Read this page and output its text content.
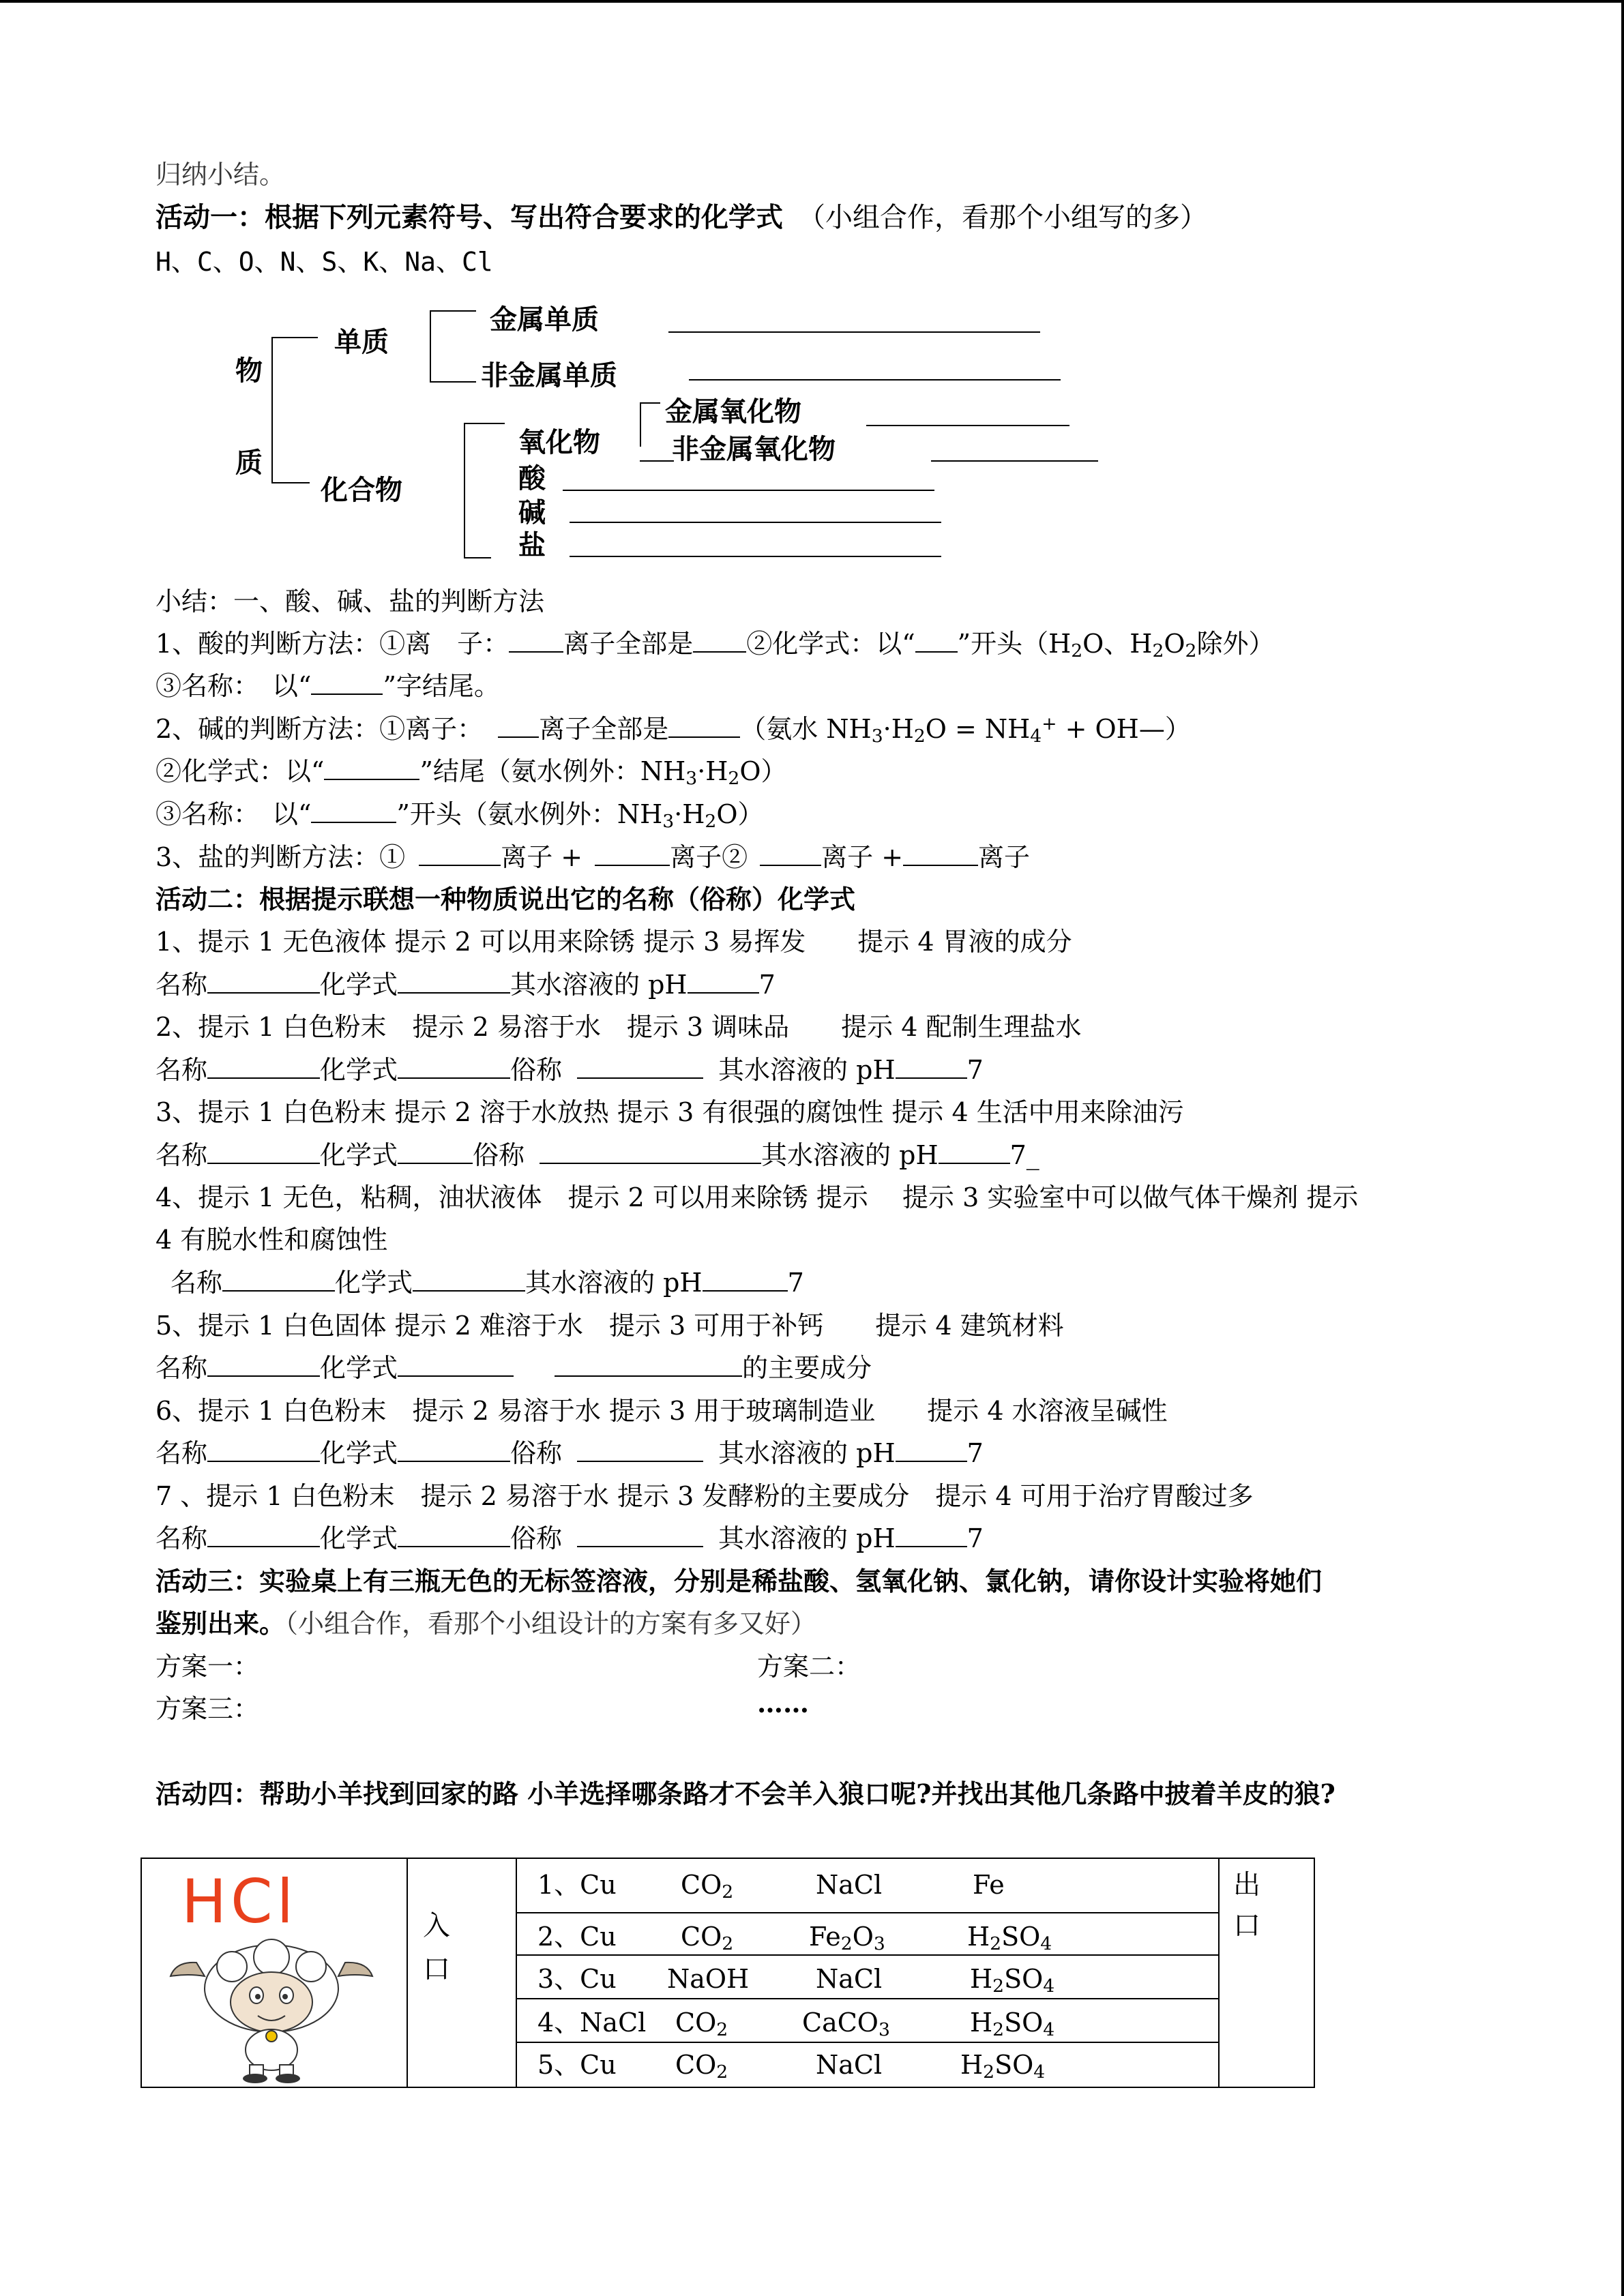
归纳小结。
活动一：根据下列元素符号、写出符合要求的化学式 （小组合作，看那个小组写的多）
H、C、O、N、S、K、Na、Cl
物
质
单质
化合物
金属单质
非金属单质
氧化物
金属氧化物
非金属氧化物
酸
碱
盐
小结：一、酸、碱、盐的判断方法
1、酸的判断方法：①离　子： 离子全部是 ②化学式：以“ ”开头（$H_2O$、$H_2O_2$除外）
③名称：　以“	”字结尾。
2、碱的判断方法：①离子： 离子全部是	（氨水 $NH_3\cdot H_2O = NH_4^+$ + OH—）
②化学式：以“	”结尾（氨水例外：$NH_3\cdot H_2O$）
③名称：　以“	”开头（氨水例外：$NH_3\cdot H_2O$）
3、盐的判断方法：①	离子 +	离子②	离子 +	离子
活动二：根据提示联想一种物质说出它的名称（俗称）化学式
1、提示 1 无色液体 提示 2 可以用来除锈 提示 3 易挥发　　提示 4 胃液的成分
名称	化学式	其水溶液的 pH	7
2、提示 1 白色粉末　提示 2 易溶于水　提示 3 调味品　　提示 4 配制生理盐水
名称	化学式	俗称	其水溶液的 pH	7
3、提示 1 白色粉末 提示 2 溶于水放热 提示 3 有很强的腐蚀性 提示 4 生活中用来除油污
名称	化学式	俗称	其水溶液的 pH	7_
4、提示 1 无色，粘稠，油状液体　提示 2 可以用来除锈 提示　 提示 3 实验室中可以做气体干燥剂 提示
4 有脱水性和腐蚀性
名称	化学式	其水溶液的 pH	7
5、提示 1 白色固体 提示 2 难溶于水　提示 3 可用于补钙　　提示 4 建筑材料
名称	化学式	的主要成分
6、提示 1 白色粉末　提示 2 易溶于水 提示 3 用于玻璃制造业　　提示 4 水溶液呈碱性
名称	化学式	俗称	其水溶液的 pH	7
7 、提示 1 白色粉末　提示 2 易溶于水 提示 3 发酵粉的主要成分　提示 4 可用于治疗胃酸过多
名称	化学式	俗称	其水溶液的 pH	7
活动三：实验桌上有三瓶无色的无标签溶液，分别是稀盐酸、氢氧化钠、氯化钠，请你设计实验将她们
鉴别出来。（小组合作，看那个小组设计的方案有多又好）
方案一：	方案二：
方案三：	……
活动四：帮助小羊找到回家的路 小羊选择哪条路才不会羊入狼口呢?并找出其他几条路中披着羊皮的狼?
HCl	入
口
出
口
1、Cu $CO_2$	NaCl	Fe
2、Cu $CO_2$	$Fe_2O_3$	$H_2SO_4$
3、Cu NaOH	NaCl	$H_2SO_4$
4、NaCl $CO_2$	CaCO$_3$	$H_2SO_4$
5、Cu $CO_2$	NaCl	$H_2SO_4$
